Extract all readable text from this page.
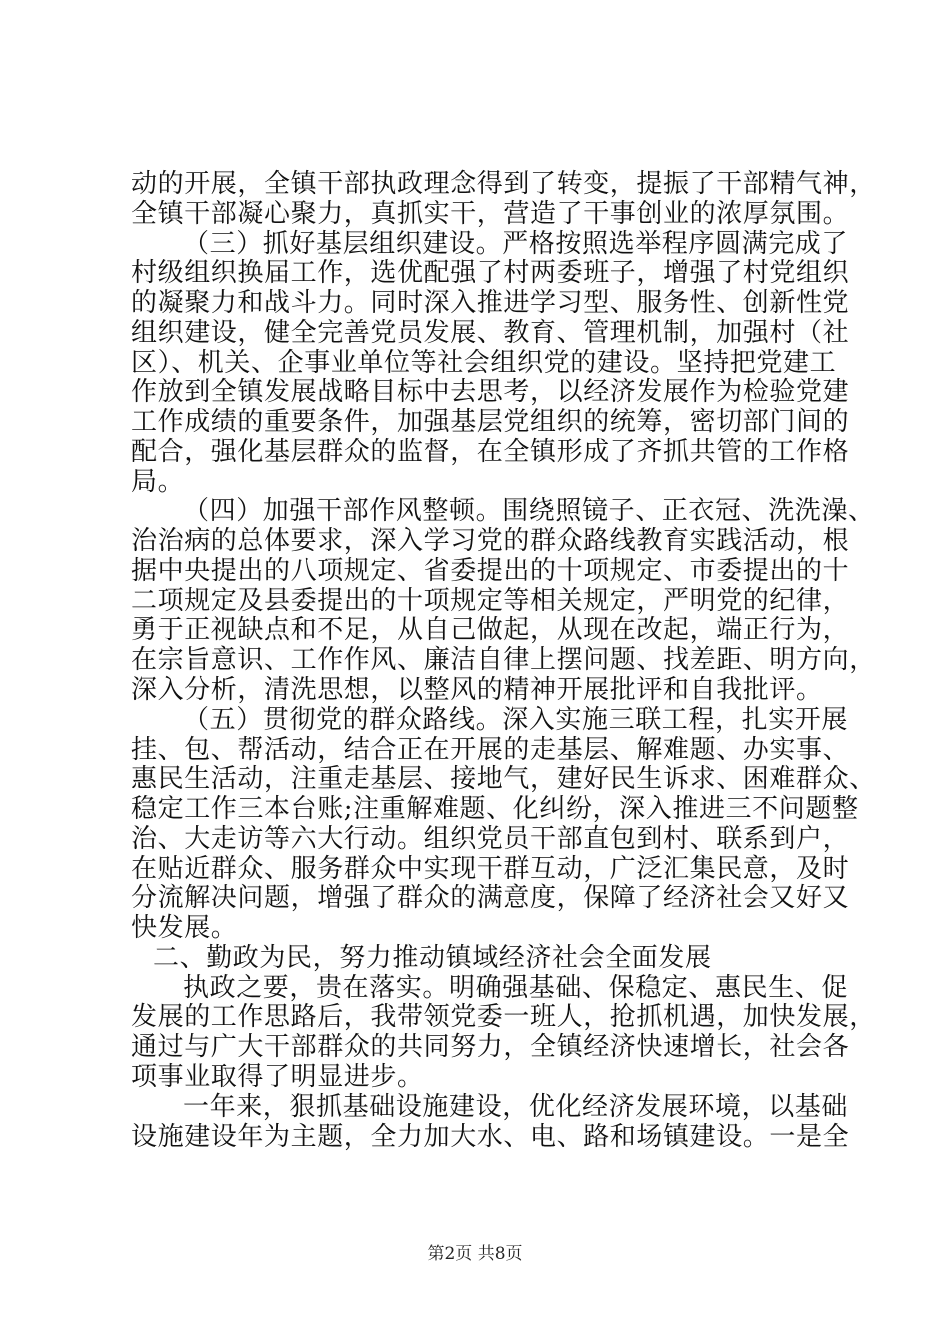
动的开展，全镇干部执政理念得到了转变，提振了干部精气神，
全镇干部凝心聚力，真抓实干，营造了干事创业的浓厚氛围。
（三）抓好基层组织建设。严格按照选举程序圆满完成了
村级组织换届工作，选优配强了村两委班子，增强了村党组织
的凝聚力和战斗力。同时深入推进学习型、服务性、创新性党
组织建设，健全完善党员发展、教育、管理机制，加强村（社
区）、机关、企事业单位等社会组织党的建设。坚持把党建工
作放到全镇发展战略目标中去思考，以经济发展作为检验党建
工作成绩的重要条件，加强基层党组织的统筹，密切部门间的
配合，强化基层群众的监督，在全镇形成了齐抓共管的工作格
局。
（四）加强干部作风整顿。围绕照镜子、正衣冠、洗洗澡、
治治病的总体要求，深入学习党的群众路线教育实践活动，根
据中央提出的八项规定、省委提出的十项规定、市委提出的十
二项规定及县委提出的十项规定等相关规定，严明党的纪律，
勇于正视缺点和不足，从自己做起，从现在改起，端正行为，
在宗旨意识、工作作风、廉洁自律上摆问题、找差距、明方向，
深入分析，清洗思想，以整风的精神开展批评和自我批评。
（五）贯彻党的群众路线。深入实施三联工程，扎实开展
挂、包、帮活动，结合正在开展的走基层、解难题、办实事、
惠民生活动，注重走基层、接地气，建好民生诉求、困难群众、
稳定工作三本台账;注重解难题、化纠纷，深入推进三不问题整
治、大走访等六大行动。组织党员干部直包到村、联系到户，
在贴近群众、服务群众中实现干群互动，广泛汇集民意，及时
分流解决问题，增强了群众的满意度，保障了经济社会又好又
快发展。
二、勤政为民，努力推动镇域经济社会全面发展
执政之要，贵在落实。明确强基础、保稳定、惠民生、促
发展的工作思路后，我带领党委一班人，抢抓机遇，加快发展，
通过与广大干部群众的共同努力，全镇经济快速增长，社会各
项事业取得了明显进步。
一年来，狠抓基础设施建设，优化经济发展环境，以基础
设施建设年为主题，全力加大水、电、路和场镇建设。一是全
第2页 共8页
